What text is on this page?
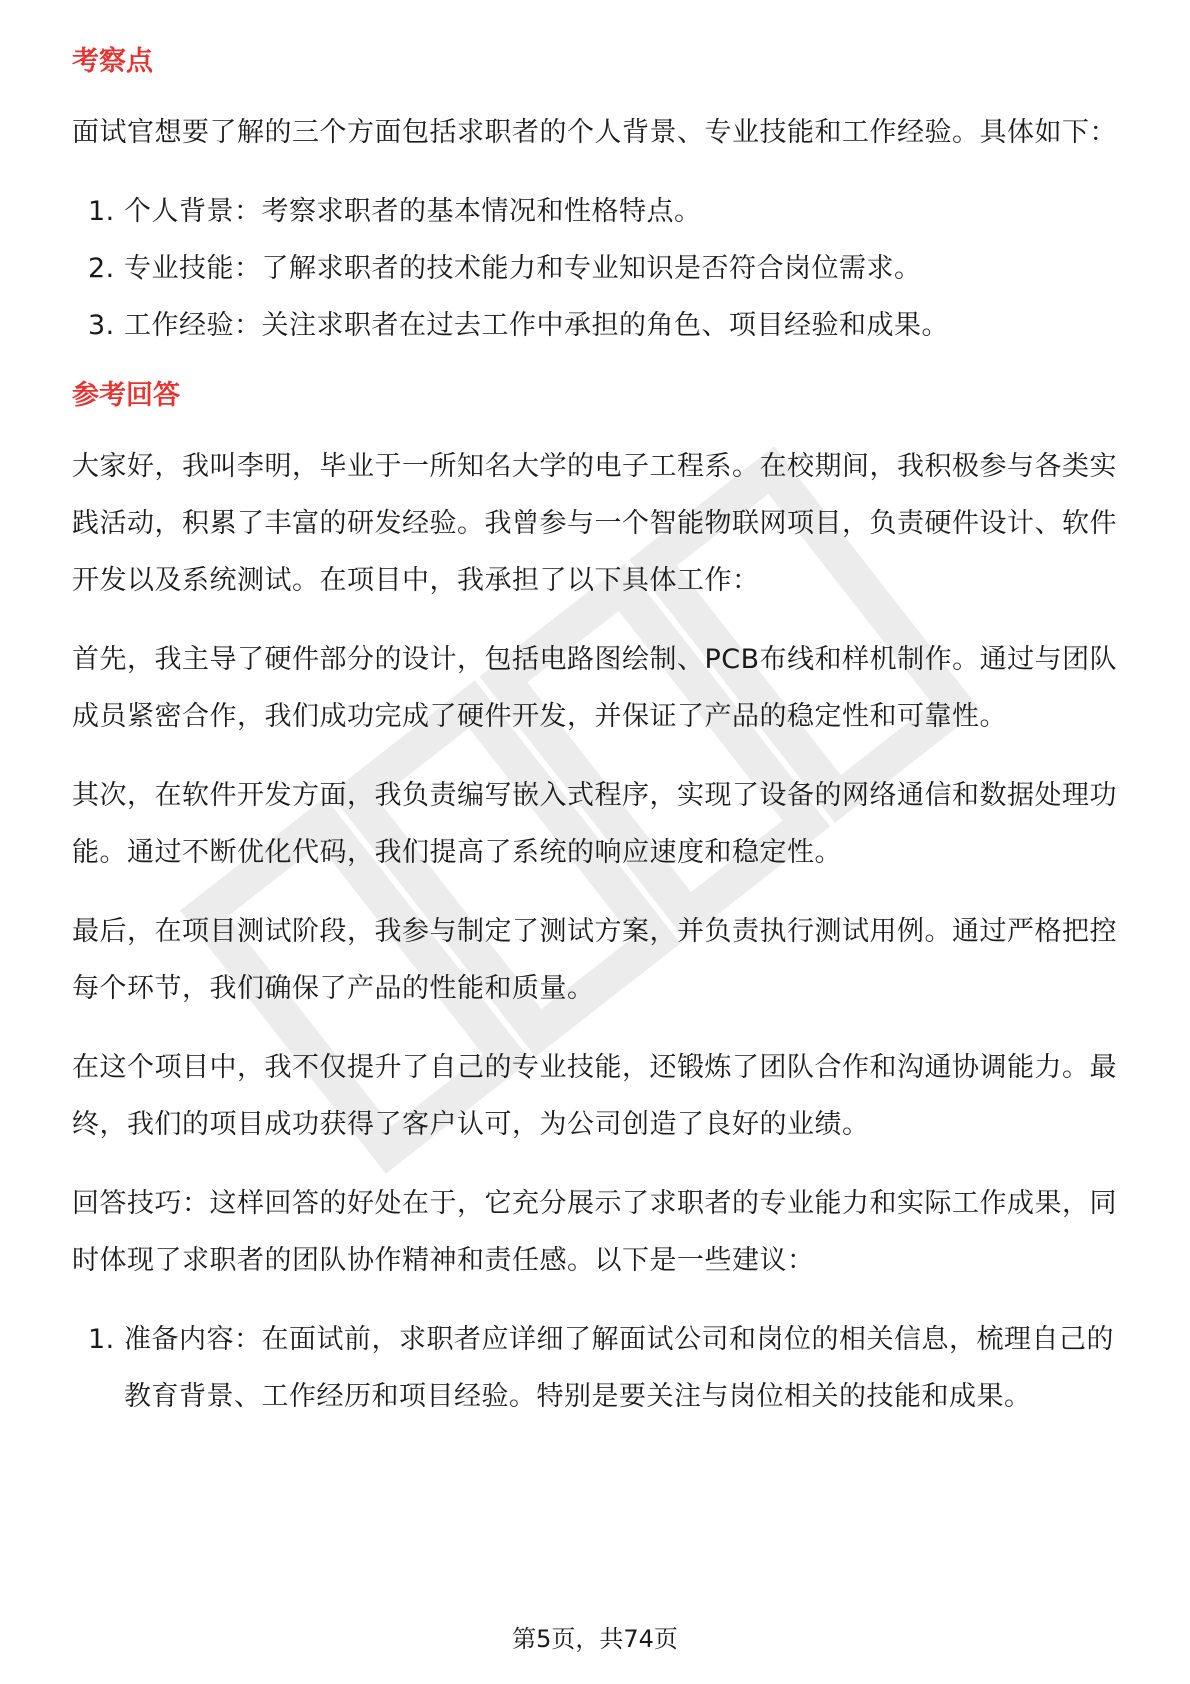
考察点
面试官想要了解的三个方面包括求职者的个人背景、专业技能和工作经验。具体如下：
1. 个人背景：考察求职者的基本情况和性格特点。
2. 专业技能：了解求职者的技术能力和专业知识是否符合岗位需求。
3. 工作经验：关注求职者在过去工作中承担的角色、项目经验和成果。
参考回答
大家好，我叫李明，毕业于一所知名大学的电子工程系。在校期间，我积极参与各类实践活动，积累了丰富的研发经验。我曾参与一个智能物联网项目，负责硬件设计、软件开发以及系统测试。在项目中，我承担了以下具体工作：
首先，我主导了硬件部分的设计，包括电路图绘制、PCB布线和样机制作。通过与团队成员紧密合作，我们成功完成了硬件开发，并保证了产品的稳定性和可靠性。
其次，在软件开发方面，我负责编写嵌入式程序，实现了设备的网络通信和数据处理功能。通过不断优化代码，我们提高了系统的响应速度和稳定性。
最后，在项目测试阶段，我参与制定了测试方案，并负责执行测试用例。通过严格把控每个环节，我们确保了产品的性能和质量。
在这个项目中，我不仅提升了自己的专业技能，还锻炼了团队合作和沟通协调能力。最终，我们的项目成功获得了客户认可，为公司创造了良好的业绩。
回答技巧：这样回答的好处在于，它充分展示了求职者的专业能力和实际工作成果，同时体现了求职者的团队协作精神和责任感。以下是一些建议：
1. 准备内容：在面试前，求职者应详细了解面试公司和岗位的相关信息，梳理自己的教育背景、工作经历和项目经验。特别是要关注与岗位相关的技能和成果。
第5页，共74页
